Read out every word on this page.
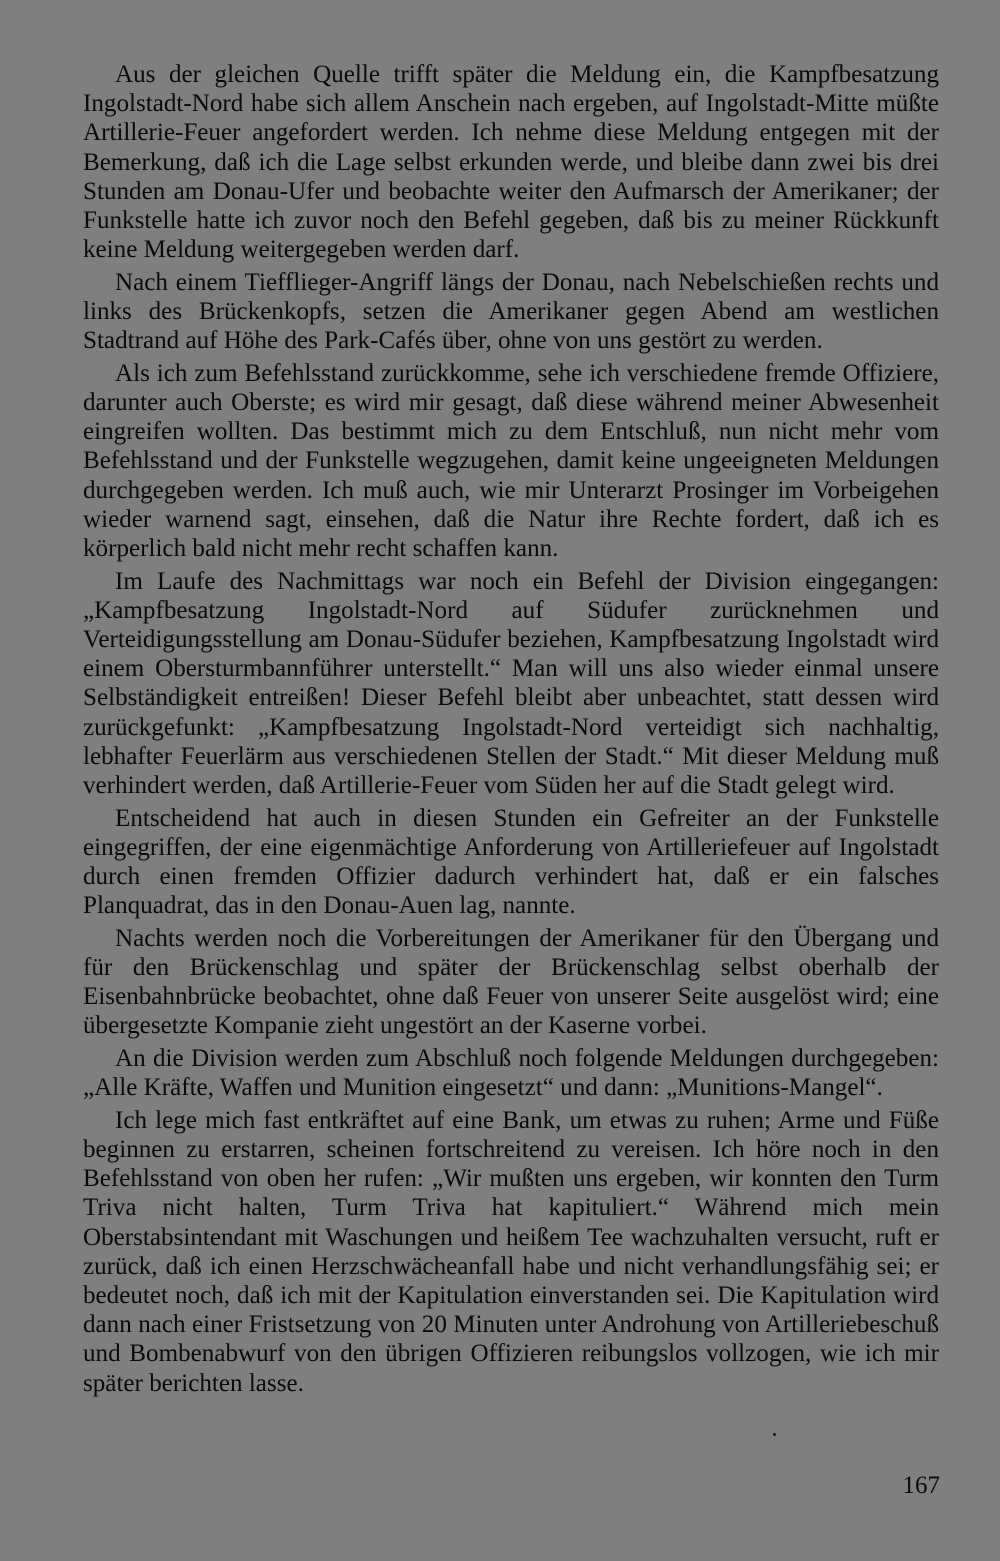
Aus der gleichen Quelle trifft später die Meldung ein, die Kampfbesatzung Ingolstadt-Nord habe sich allem Anschein nach ergeben, auf Ingolstadt-Mitte müßte Artillerie-Feuer angefordert werden. Ich nehme diese Meldung entgegen mit der Bemerkung, daß ich die Lage selbst erkunden werde, und bleibe dann zwei bis drei Stunden am Donau-Ufer und beobachte weiter den Aufmarsch der Amerikaner; der Funkstelle hatte ich zuvor noch den Befehl gegeben, daß bis zu meiner Rückkunft keine Meldung weitergegeben werden darf.

Nach einem Tiefflieger-Angriff längs der Donau, nach Nebelschießen rechts und links des Brückenkopfs, setzen die Amerikaner gegen Abend am westlichen Stadtrand auf Höhe des Park-Cafés über, ohne von uns gestört zu werden.

Als ich zum Befehlsstand zurückkomme, sehe ich verschiedene fremde Offiziere, darunter auch Oberste; es wird mir gesagt, daß diese während meiner Abwesenheit eingreifen wollten. Das bestimmt mich zu dem Entschluß, nun nicht mehr vom Befehlsstand und der Funkstelle wegzugehen, damit keine ungeeigneten Meldungen durchgegeben werden. Ich muß auch, wie mir Unterarzt Prosinger im Vorbeigehen wieder warnend sagt, einsehen, daß die Natur ihre Rechte fordert, daß ich es körperlich bald nicht mehr recht schaffen kann.

Im Laufe des Nachmittags war noch ein Befehl der Division eingegangen: „Kampfbesatzung Ingolstadt-Nord auf Südufer zurücknehmen und Verteidigungsstellung am Donau-Südufer beziehen, Kampfbesatzung Ingolstadt wird einem Obersturmbannführer unterstellt.“ Man will uns also wieder einmal unsere Selbständigkeit entreißen! Dieser Befehl bleibt aber unbeachtet, statt dessen wird zurückgefunkt: „Kampfbesatzung Ingolstadt-Nord verteidigt sich nachhaltig, lebhafter Feuerlärm aus verschiedenen Stellen der Stadt.“ Mit dieser Meldung muß verhindert werden, daß Artillerie-Feuer vom Süden her auf die Stadt gelegt wird.

Entscheidend hat auch in diesen Stunden ein Gefreiter an der Funkstelle eingegriffen, der eine eigenmächtige Anforderung von Artilleriefeuer auf Ingolstadt durch einen fremden Offizier dadurch verhindert hat, daß er ein falsches Planquadrat, das in den Donau-Auen lag, nannte.

Nachts werden noch die Vorbereitungen der Amerikaner für den Übergang und für den Brückenschlag und später der Brückenschlag selbst oberhalb der Eisenbahnbrücke beobachtet, ohne daß Feuer von unserer Seite ausgelöst wird; eine übergesetzte Kompanie zieht ungestört an der Kaserne vorbei.

An die Division werden zum Abschluß noch folgende Meldungen durchgegeben: „Alle Kräfte, Waffen und Munition eingesetzt“ und dann: „Munitions-Mangel“.

Ich lege mich fast entkräftet auf eine Bank, um etwas zu ruhen; Arme und Füße beginnen zu erstarren, scheinen fortschreitend zu vereisen. Ich höre noch in den Befehlsstand von oben her rufen: „Wir mußten uns ergeben, wir konnten den Turm Triva nicht halten, Turm Triva hat kapituliert.“ Während mich mein Oberstabsintendant mit Waschungen und heißem Tee wachzuhalten versucht, ruft er zurück, daß ich einen Herzschwächeanfall habe und nicht verhandlungsfähig sei; er bedeutet noch, daß ich mit der Kapitulation einverstanden sei. Die Kapitulation wird dann nach einer Fristsetzung von 20 Minuten unter Androhung von Artilleriebeschuß und Bombenabwurf von den übrigen Offizieren reibungslos vollzogen, wie ich mir später berichten lasse.

167
